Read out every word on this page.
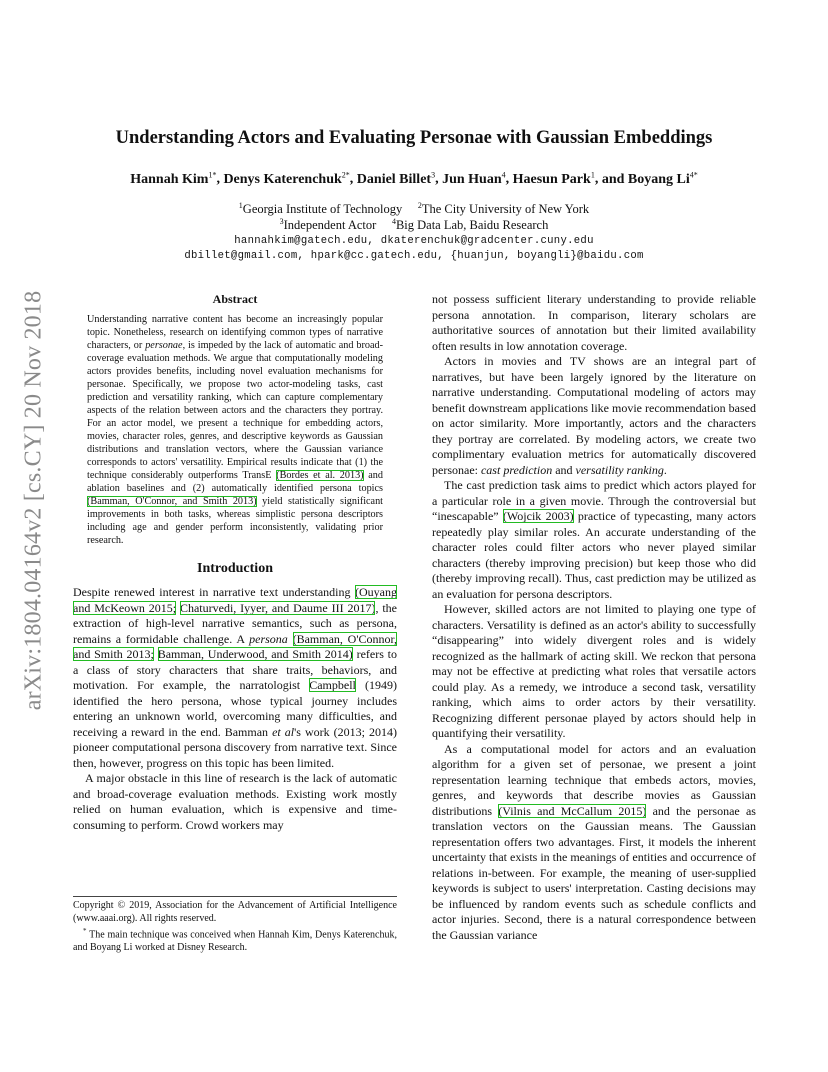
arXiv:1804.04164v2 [cs.CY] 20 Nov 2018
Understanding Actors and Evaluating Personae with Gaussian Embeddings
Hannah Kim$^{1*}$, Denys Katerenchuk$^{2*}$, Daniel Billet$^3$, Jun Huan$^4$, Haesun Park$^1$, and Boyang $Li^{4*}$
$^1$Georgia Institute of Technology $^2$The City University of New York
$^3$Independent Actor $^4$Big Data Lab, Baidu Research
hannahkim@gatech.edu, dkaterenchuk@gradcenter.cuny.edu
dbillet@gmail.com, hpark@cc.gatech.edu, {huanjun, boyangli}@baidu.com
Abstract

Understanding narrative content has become an increasingly popular topic. Nonetheless, research on identifying common types of narrative characters, or personae, is impeded by the lack of automatic and broad-coverage evaluation methods. We argue that computationally modeling actors provides benefits, including novel evaluation mechanisms for personae. Specifically, we propose two actor-modeling tasks, cast prediction and versatility ranking, which can capture complementary aspects of the relation between actors and the characters they portray. For an actor model, we present a technique for embedding actors, movies, character roles, genres, and descriptive keywords as Gaussian distributions and translation vectors, where the Gaussian variance corresponds to actors' versatility. Empirical results indicate that (1) the technique considerably outperforms TransE (Bordes et al. 2013) and ablation baselines and (2) automatically identified persona topics (Bamman, O'Connor, and Smith 2013) yield statistically significant improvements in both tasks, whereas simplistic persona descriptors including age and gender perform inconsistently, validating prior research.

Introduction

Despite renewed interest in narrative text understanding (Ouyang and McKeown 2015; Chaturvedi, Iyyer, and Daume III 2017), the extraction of high-level narrative semantics, such as persona, remains a formidable challenge. A persona (Bamman, O'Connor, and Smith 2013; Bamman, Underwood, and Smith 2014) refers to a class of story characters that share traits, behaviors, and motivation. For example, the narratologist Campbell (1949) identified the hero persona, whose typical journey includes entering an unknown world, overcoming many difficulties, and receiving a reward in the end. Bamman et al's work (2013; 2014) pioneer computational persona discovery from narrative text. Since then, however, progress on this topic has been limited.

A major obstacle in this line of research is the lack of automatic and broad-coverage evaluation methods. Existing work mostly relied on human evaluation, which is expensive and time-consuming to perform. Crowd workers may

Copyright © 2019, Association for the Advancement of Artificial Intelligence (www.aaai.org). All rights reserved.

* The main technique was conceived when Hannah Kim, Denys Katerenchuk, and Boyang Li worked at Disney Research.

not possess sufficient literary understanding to provide reliable persona annotation. In comparison, literary scholars are authoritative sources of annotation but their limited availability often results in low annotation coverage.

Actors in movies and TV shows are an integral part of narratives, but have been largely ignored by the literature on narrative understanding. Computational modeling of actors may benefit downstream applications like movie recommendation based on actor similarity. More importantly, actors and the characters they portray are correlated. By modeling actors, we create two complimentary evaluation metrics for automatically discovered personae: cast prediction and versatility ranking.

The cast prediction task aims to predict which actors played for a particular role in a given movie. Through the controversial but “inescapable” (Wojcik 2003) practice of typecasting, many actors repeatedly play similar roles. An accurate understanding of the character roles could filter actors who never played similar characters (thereby improving precision) but keep those who did (thereby improving recall). Thus, cast prediction may be utilized as an evaluation for persona descriptors.

However, skilled actors are not limited to playing one type of characters. Versatility is defined as an actor's ability to successfully “disappearing” into widely divergent roles and is widely recognized as the hallmark of acting skill. We reckon that persona may not be effective at predicting what roles that versatile actors could play. As a remedy, we introduce a second task, versatility ranking, which aims to order actors by their versatility. Recognizing different personae played by actors should help in quantifying their versatility.

As a computational model for actors and an evaluation algorithm for a given set of personae, we present a joint representation learning technique that embeds actors, movies, genres, and keywords that describe movies as Gaussian distributions (Vilnis and McCallum 2015) and the personae as translation vectors on the Gaussian means. The Gaussian representation offers two advantages. First, it models the inherent uncertainty that exists in the meanings of entities and occurrence of relations in-between. For example, the meaning of user-supplied keywords is subject to users' interpretation. Casting decisions may be influenced by random events such as schedule conflicts and actor injuries. Second, there is a natural correspondence between the Gaussian variance
